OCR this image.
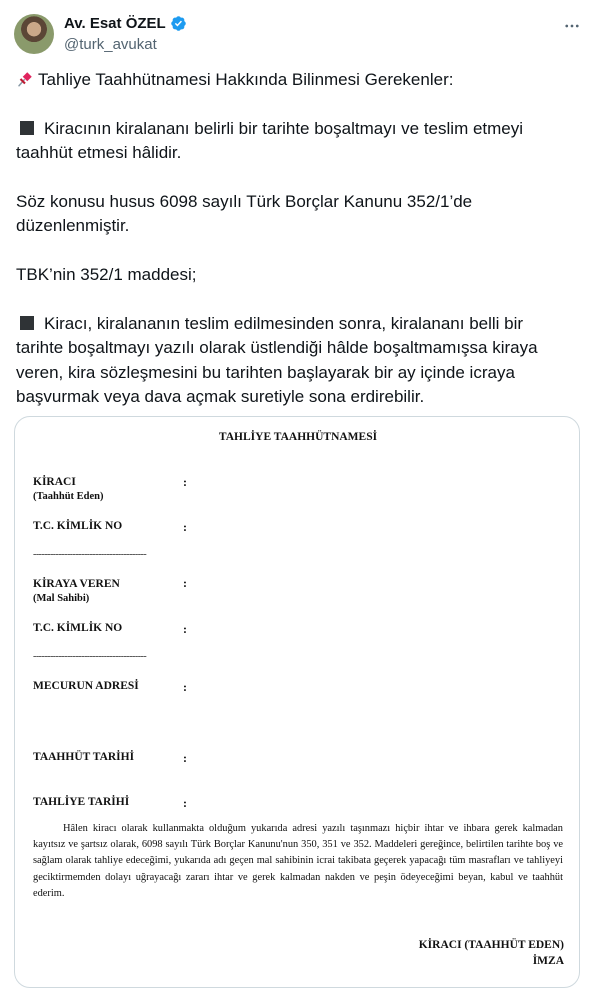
Av. Esat ÖZEL
@turk_avukat
Tahliye Taahhütnamesi Hakkında Bilinmesi Gerekenler:
Kiracının kiralananı belirli bir tarihte boşaltmayı ve teslim etmeyi
taahhüt etmesi hâlidir.
Söz konusu husus 6098 sayılı Türk Borçlar Kanunu 352/1’de
düzenlenmiştir.
TBK’nin 352/1 maddesi;
Kiracı, kiralananın teslim edilmesinden sonra, kiralananı belli bir
tarihte boşaltmayı yazılı olarak üstlendiği hâlde boşaltmamışsa kiraya
veren, kira sözleşmesini bu tarihten başlayarak bir ay içinde icraya
başvurmak veya dava açmak suretiyle sona erdirebilir.
TAHLİYE TAAHHÜTNAMESİ
KİRACI
(Taahhüt Eden)
:
T.C. KİMLİK NO	:
----------------------------------------
KİRAYA VEREN
(Mal Sahibi)
:
T.C. KİMLİK NO	:
----------------------------------------
MECURUN ADRESİ	:
TAAHHÜT TARİHİ	:
TAHLİYE TARİHİ	:
Hâlen kiracı olarak kullanmakta olduğum yukarıda adresi yazılı taşınmazı hiçbir ihtar ve ihbara gerek kalmadan kayıtsız ve şartsız olarak, 6098 sayılı Türk Borçlar Kanunu'nun 350, 351 ve 352. Maddeleri gereğince, belirtilen tarihte boş ve sağlam olarak tahliye edeceğimi, yukarıda adı geçen mal sahibinin icrai takibata geçerek yapacağı tüm masrafları ve tahliyeyi geciktirmemden dolayı uğrayacağı zararı ihtar ve gerek kalmadan nakden ve peşin ödeyeceğimi beyan, kabul ve taahhüt ederim.
KİRACI (TAAHHÜT EDEN)
İMZA
